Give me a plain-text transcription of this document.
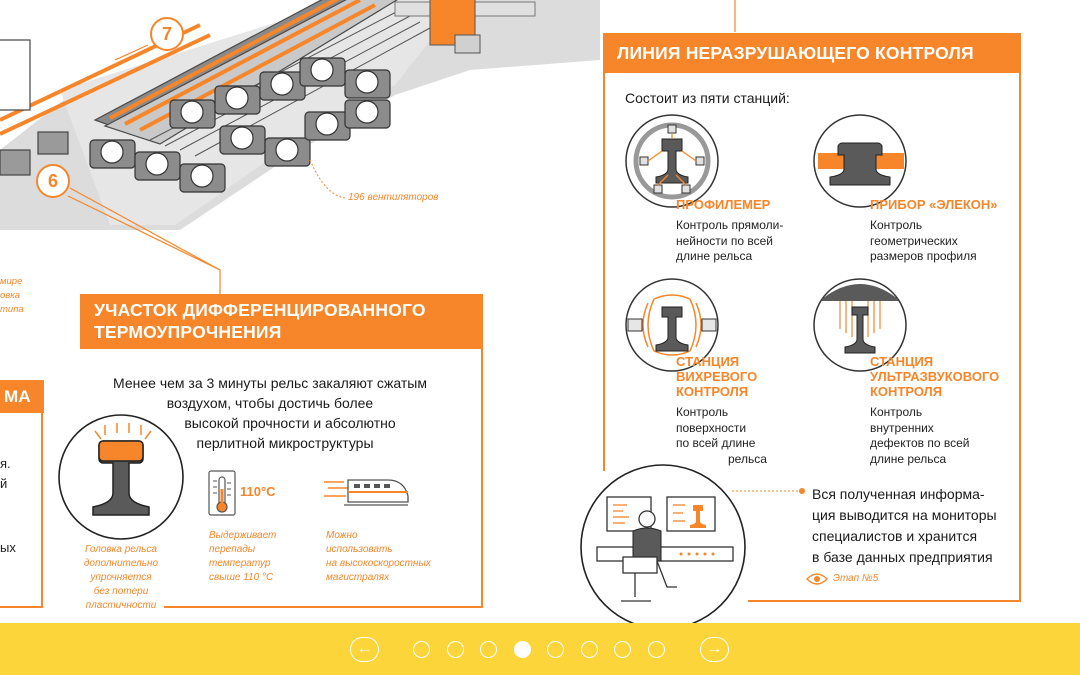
7
6
196 вентиляторов
мире
овка
типа
МА
я.
й
ых
УЧАСТОК ДИФФЕРЕНЦИРОВАННОГО
ТЕРМОУПРОЧНЕНИЯ
Менее чем за 3 минуты рельс закаляют сжатым
воздухом, чтобы достичь более
высокой прочности и абсолютно
перлитной микроструктуры
Головка рельса
дополнительно
упрочняется
без потери
пластичности
110°C
Выдерживает
перепады
температур
свыше 110 °C
Можно
использовать
на высокоскоростных
магистралях
ЛИНИЯ НЕРАЗРУШАЮЩЕГО КОНТРОЛЯ
Состоит из пяти станций:
ПРОФИЛЕМЕР
Контроль прямоли-
нейности по всей
длине рельса
ПРИБОР «ЭЛЕКОН»
Контроль
геометрических
размеров профиля
СТАНЦИЯ
ВИХРЕВОГО
КОНТРОЛЯ
Контроль
поверхности
по всей длине
рельса
СТАНЦИЯ
УЛЬТРАЗВУКОВОГО
КОНТРОЛЯ
Контроль
внутренних
дефектов по всей
длине рельса
Вся полученная информа-
ция выводится на мониторы
специалистов и хранится
в базе данных предприятия
Этап №5
←	→
